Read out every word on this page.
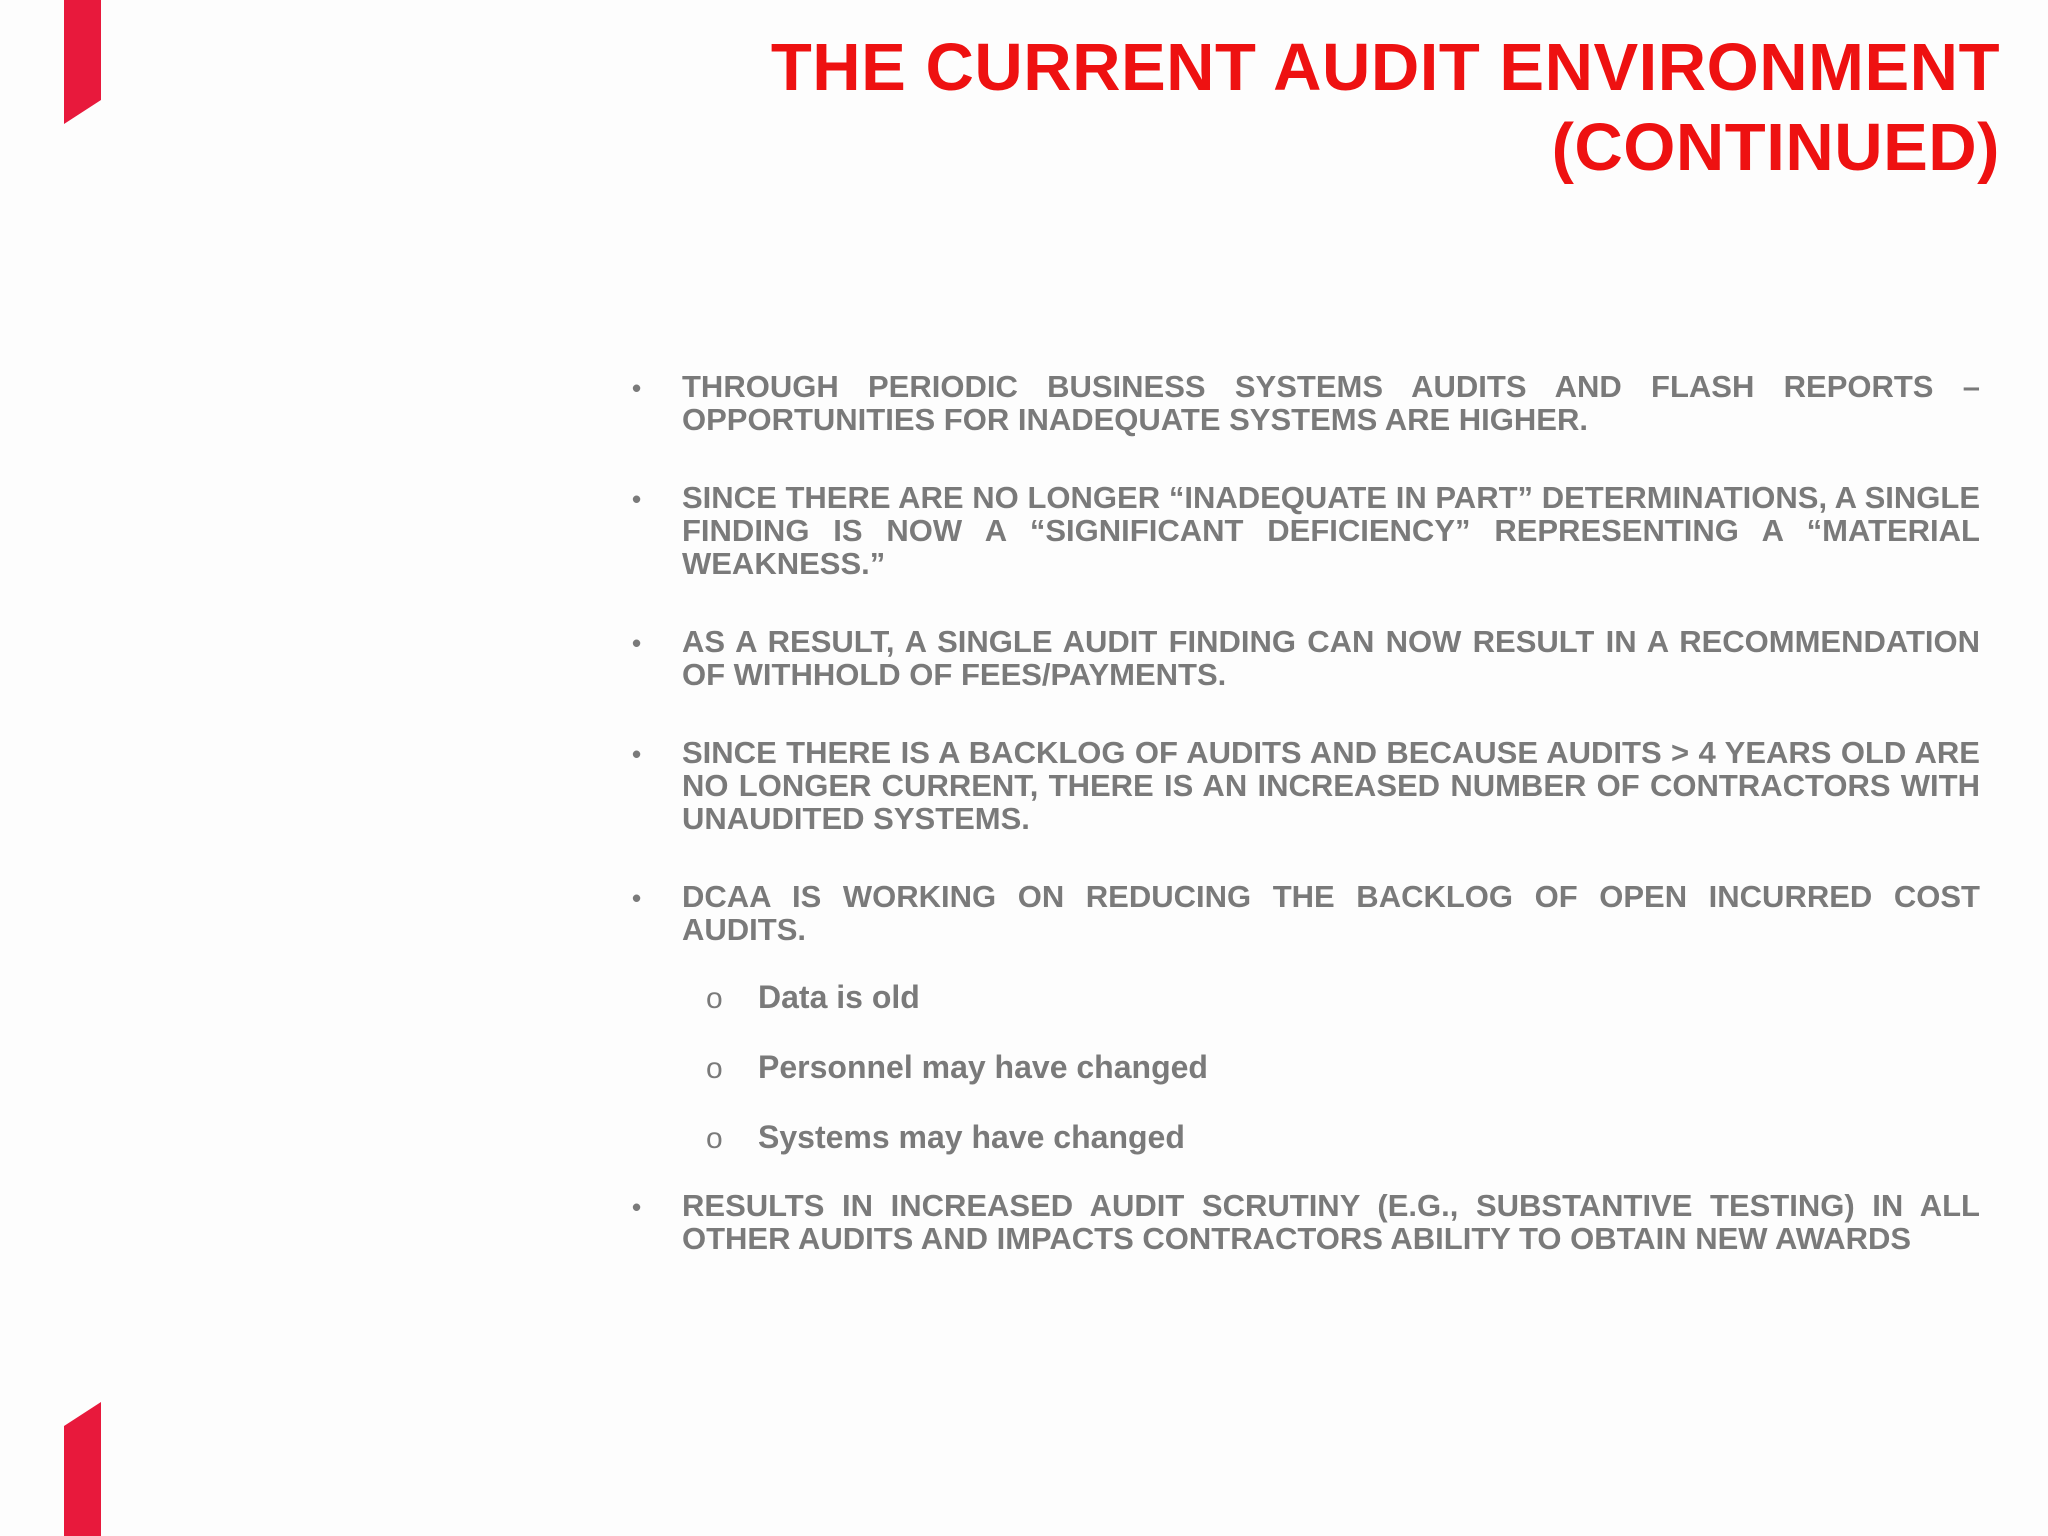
THE CURRENT AUDIT ENVIRONMENT
(CONTINUED)
• THROUGH PERIODIC BUSINESS SYSTEMS AUDITS AND FLASH REPORTS – OPPORTUNITIES FOR INADEQUATE SYSTEMS ARE HIGHER.
• SINCE THERE ARE NO LONGER “INADEQUATE IN PART” DETERMINATIONS, A SINGLE FINDING IS NOW A “SIGNIFICANT DEFICIENCY” REPRESENTING A “MATERIAL WEAKNESS.”
• AS A RESULT, A SINGLE AUDIT FINDING CAN NOW RESULT IN A RECOMMENDATION OF WITHHOLD OF FEES/PAYMENTS.
• SINCE THERE IS A BACKLOG OF AUDITS AND BECAUSE AUDITS > 4 YEARS OLD ARE NO LONGER CURRENT, THERE IS AN INCREASED NUMBER OF CONTRACTORS WITH UNAUDITED SYSTEMS.
• DCAA IS WORKING ON REDUCING THE BACKLOG OF OPEN INCURRED COST AUDITS.
o Data is old
o Personnel may have changed
o Systems may have changed
• RESULTS IN INCREASED AUDIT SCRUTINY (E.G., SUBSTANTIVE TESTING) IN ALL OTHER AUDITS AND IMPACTS CONTRACTORS ABILITY TO OBTAIN NEW AWARDS
